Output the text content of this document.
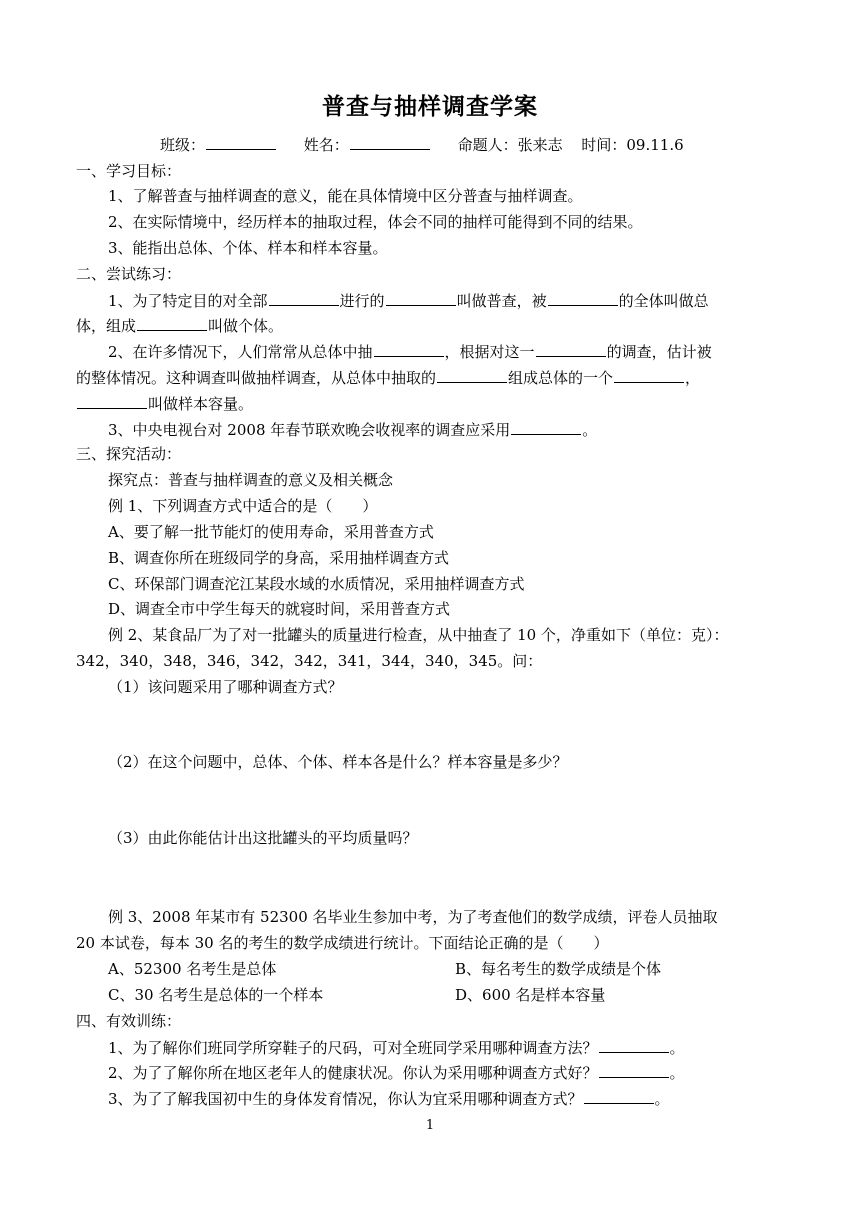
普查与抽样调查学案
班级：	姓名：	命题人：张来志 时间：09.11.6
一、学习目标：
1、了解普查与抽样调查的意义，能在具体情境中区分普查与抽样调查。
2、在实际情境中，经历样本的抽取过程，体会不同的抽样可能得到不同的结果。
3、能指出总体、个体、样本和样本容量。
二、尝试练习：
1、为了特定目的对全部	进行的	叫做普查，被	的全体叫做总
体，组成	叫做个体。
2、在许多情况下，人们常常从总体中抽	，根据对这一	的调查，估计被
的整体情况。这种调查叫做抽样调查，从总体中抽取的	组成总体的一个	，
叫做样本容量。
3、中央电视台对 2008 年春节联欢晚会收视率的调查应采用	。
三、探究活动：
探究点：普查与抽样调查的意义及相关概念
例 1、下列调查方式中适合的是（　　）
A、要了解一批节能灯的使用寿命，采用普查方式
B、调查你所在班级同学的身高，采用抽样调查方式
C、环保部门调查沱江某段水域的水质情况，采用抽样调查方式
D、调查全市中学生每天的就寝时间，采用普查方式
例 2、某食品厂为了对一批罐头的质量进行检查，从中抽查了 10 个，净重如下（单位：克）：
342，340，348，346，342，342，341，344，340，345。问：
（1）该问题采用了哪种调查方式？
（2）在这个问题中，总体、个体、样本各是什么？样本容量是多少？
（3）由此你能估计出这批罐头的平均质量吗？
例 3、2008 年某市有 52300 名毕业生参加中考，为了考查他们的数学成绩，评卷人员抽取
20 本试卷，每本 30 名的考生的数学成绩进行统计。下面结论正确的是（　　）
A、52300 名考生是总体	B、每名考生的数学成绩是个体
C、30 名考生是总体的一个样本	D、600 名是样本容量
四、有效训练：
1、为了解你们班同学所穿鞋子的尺码，可对全班同学采用哪种调查方法？	。
2、为了了解你所在地区老年人的健康状况。你认为采用哪种调查方式好？	。
3、为了了解我国初中生的身体发育情况，你认为宜采用哪种调查方式？	。
1
